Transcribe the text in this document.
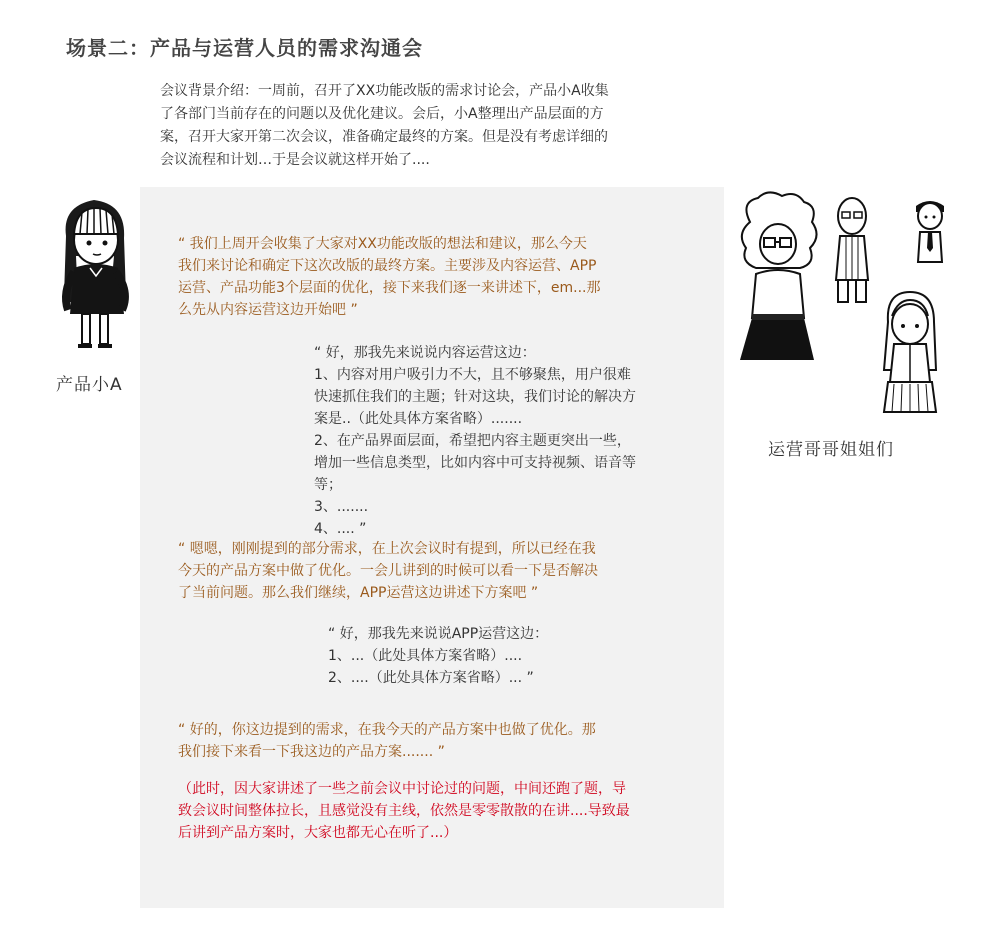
场景二：产品与运营人员的需求沟通会

会议背景介绍：一周前，召开了XX功能改版的需求讨论会，产品小A收集

了各部门当前存在的问题以及优化建议。会后，小A整理出产品层面的方

案，召开大家开第二次会议，准备确定最终的方案。但是没有考虑详细的

会议流程和计划…于是会议就这样开始了....

产品小A
运营哥哥姐姐们

“ 我们上周开会收集了大家对XX功能改版的想法和建议，那么今天

我们来讨论和确定下这次改版的最终方案。主要涉及内容运营、APP

运营、产品功能3个层面的优化，接下来我们逐一来讲述下，em...那

么先从内容运营这边开始吧 ”

“ 好，那我先来说说内容运营这边：

1、内容对用户吸引力不大，且不够聚焦，用户很难

快速抓住我们的主题；针对这块，我们讨论的解决方

案是..（此处具体方案省略）.......

2、在产品界面层面，希望把内容主题更突出一些，

增加一些信息类型，比如内容中可支持视频、语音等

等；

3、.......

4、.... ”

“ 嗯嗯，刚刚提到的部分需求，在上次会议时有提到，所以已经在我

今天的产品方案中做了优化。一会儿讲到的时候可以看一下是否解决

了当前问题。那么我们继续，APP运营这边讲述下方案吧 ”

“ 好，那我先来说说APP运营这边：

1、...（此处具体方案省略）....

2、....（此处具体方案省略）... ”

“ 好的，你这边提到的需求，在我今天的产品方案中也做了优化。那

我们接下来看一下我这边的产品方案....... ”

（此时，因大家讲述了一些之前会议中讨论过的问题，中间还跑了题，导

致会议时间整体拉长，且感觉没有主线，依然是零零散散的在讲....导致最

后讲到产品方案时，大家也都无心在听了...）
